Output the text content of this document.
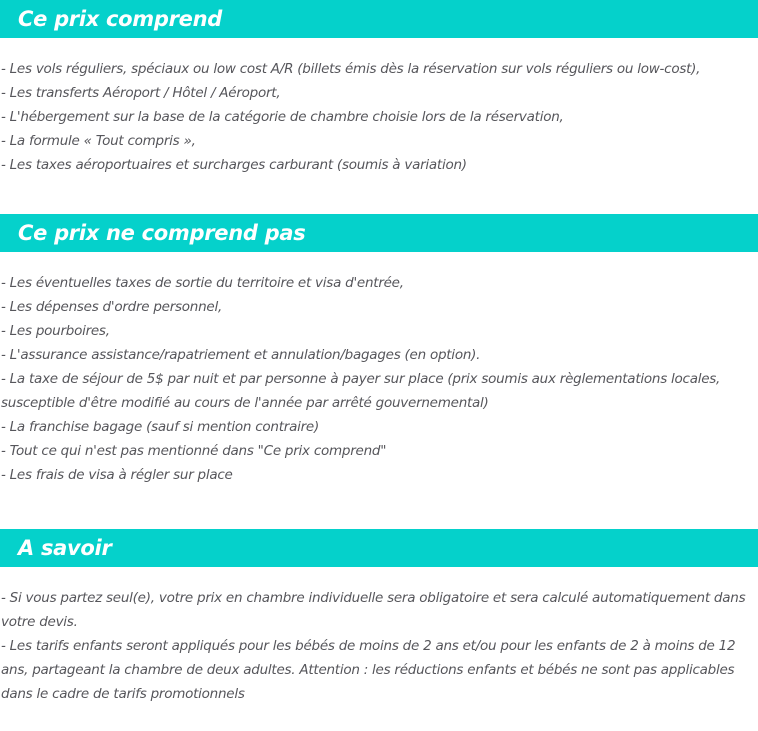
Ce prix comprend
- Les vols réguliers, spéciaux ou low cost A/R (billets émis dès la réservation sur vols réguliers ou low-cost),
- Les transferts Aéroport / Hôtel / Aéroport,
- L'hébergement sur la base de la catégorie de chambre choisie lors de la réservation,
- La formule « Tout compris »,
- Les taxes aéroportuaires et surcharges carburant (soumis à variation)
Ce prix ne comprend pas
- Les éventuelles taxes de sortie du territoire et visa d'entrée,
- Les dépenses d'ordre personnel,
- Les pourboires,
- L'assurance assistance/rapatriement et annulation/bagages (en option).
- La taxe de séjour de 5$ par nuit et par personne à payer sur place (prix soumis aux règlementations locales, susceptible d'être modifié au cours de l'année par arrêté gouvernemental)
- La franchise bagage (sauf si mention contraire)
- Tout ce qui n'est pas mentionné dans "Ce prix comprend"
- Les frais de visa à régler sur place
A savoir
- Si vous partez seul(e), votre prix en chambre individuelle sera obligatoire et sera calculé automatiquement dans votre devis.
- Les tarifs enfants seront appliqués pour les bébés de moins de 2 ans et/ou pour les enfants de 2 à moins de 12 ans, partageant la chambre de deux adultes. Attention : les réductions enfants et bébés ne sont pas applicables dans le cadre de tarifs promotionnels
